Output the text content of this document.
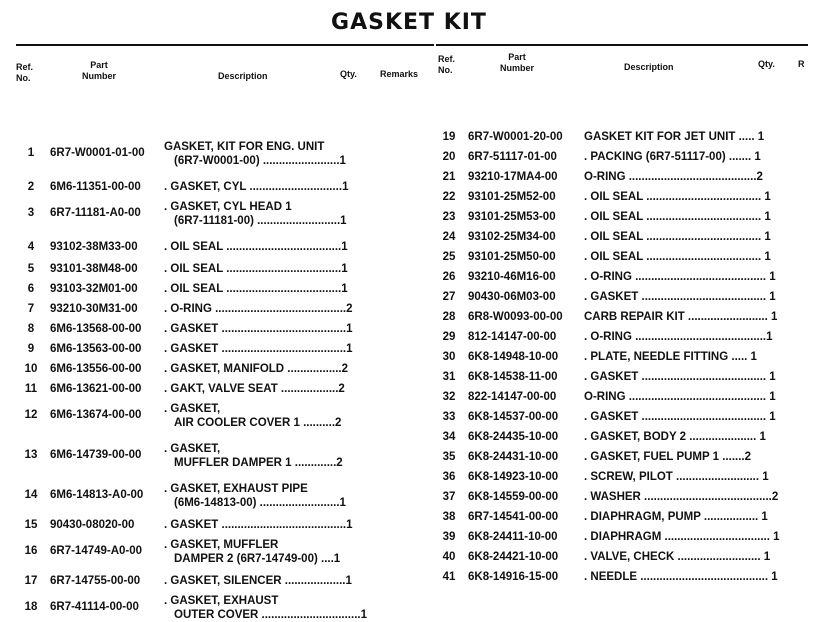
GASKET KIT
Ref.
No.
Part
Number	Description	Qty.	Remarks
1	6R7-W0001-01-00 GASKET, KIT FOR ENG. UNIT
(6R7-W0001-00) ........................1
2	6M6-11351-00-00 . GASKET, CYL .............................1
3	6R7-11181-A0-00 . GASKET, CYL HEAD 1
(6R7-11181-00) ..........................1
4	93102-38M33-00 . OIL SEAL ....................................1
5	93101-38M48-00 . OIL SEAL ....................................1
6	93103-32M01-00 . OIL SEAL ....................................1
7	93210-30M31-00 . O-RING .........................................2
8	6M6-13568-00-00 . GASKET .......................................1
9	6M6-13563-00-00 . GASKET .......................................1
10	6M6-13556-00-00 . GASKET, MANIFOLD .................2
11	6M6-13621-00-00 . GAKT, VALVE SEAT ..................2
12	6M6-13674-00-00 . GASKET,
AIR COOLER COVER 1 ..........2
13	6M6-14739-00-00 . GASKET,
MUFFLER DAMPER 1 .............2
14	6M6-14813-A0-00 . GASKET, EXHAUST PIPE
(6M6-14813-00) .........................1
15	90430-08020-00	. GASKET .......................................1
16	6R7-14749-A0-00 . GASKET, MUFFLER
DAMPER 2 (6R7-14749-00) ....1
17	6R7-14755-00-00 . GASKET, SILENCER ...................1
18	6R7-41114-00-00 . GASKET, EXHAUST
OUTER COVER ...............................1
Ref.
No.
Part
Number	Description	Qty.	R
19	6R7-W0001-20-00 GASKET KIT FOR JET UNIT ..... 1
20	6R7-51117-01-00 . PACKING (6R7-51117-00) ....... 1
21	93210-17MA4-00 O-RING ........................................2
22	93101-25M52-00 . OIL SEAL .................................... 1
23	93101-25M53-00 . OIL SEAL .................................... 1
24	93102-25M34-00 . OIL SEAL .................................... 1
25	93101-25M50-00 . OIL SEAL .................................... 1
26	93210-46M16-00 . O-RING ......................................... 1
27	90430-06M03-00 . GASKET ....................................... 1
28	6R8-W0093-00-00 CARB REPAIR KIT ......................... 1
29	812-14147-00-00 . O-RING .........................................1
30	6K8-14948-10-00 . PLATE, NEEDLE FITTING ..... 1
31	6K8-14538-11-00 . GASKET ....................................... 1
32	822-14147-00-00 O-RING ........................................... 1
33	6K8-14537-00-00 . GASKET ....................................... 1
34	6K8-24435-10-00 . GASKET, BODY 2 ..................... 1
35	6K8-24431-10-00 . GASKET, FUEL PUMP 1 .......2
36	6K8-14923-10-00 . SCREW, PILOT .......................... 1
37	6K8-14559-00-00 . WASHER ........................................2
38	6R7-14541-00-00 . DIAPHRAGM, PUMP ................. 1
39	6K8-24411-10-00 . DIAPHRAGM ................................. 1
40	6K8-24421-10-00 . VALVE, CHECK .......................... 1
41	6K8-14916-15-00 . NEEDLE ........................................ 1
